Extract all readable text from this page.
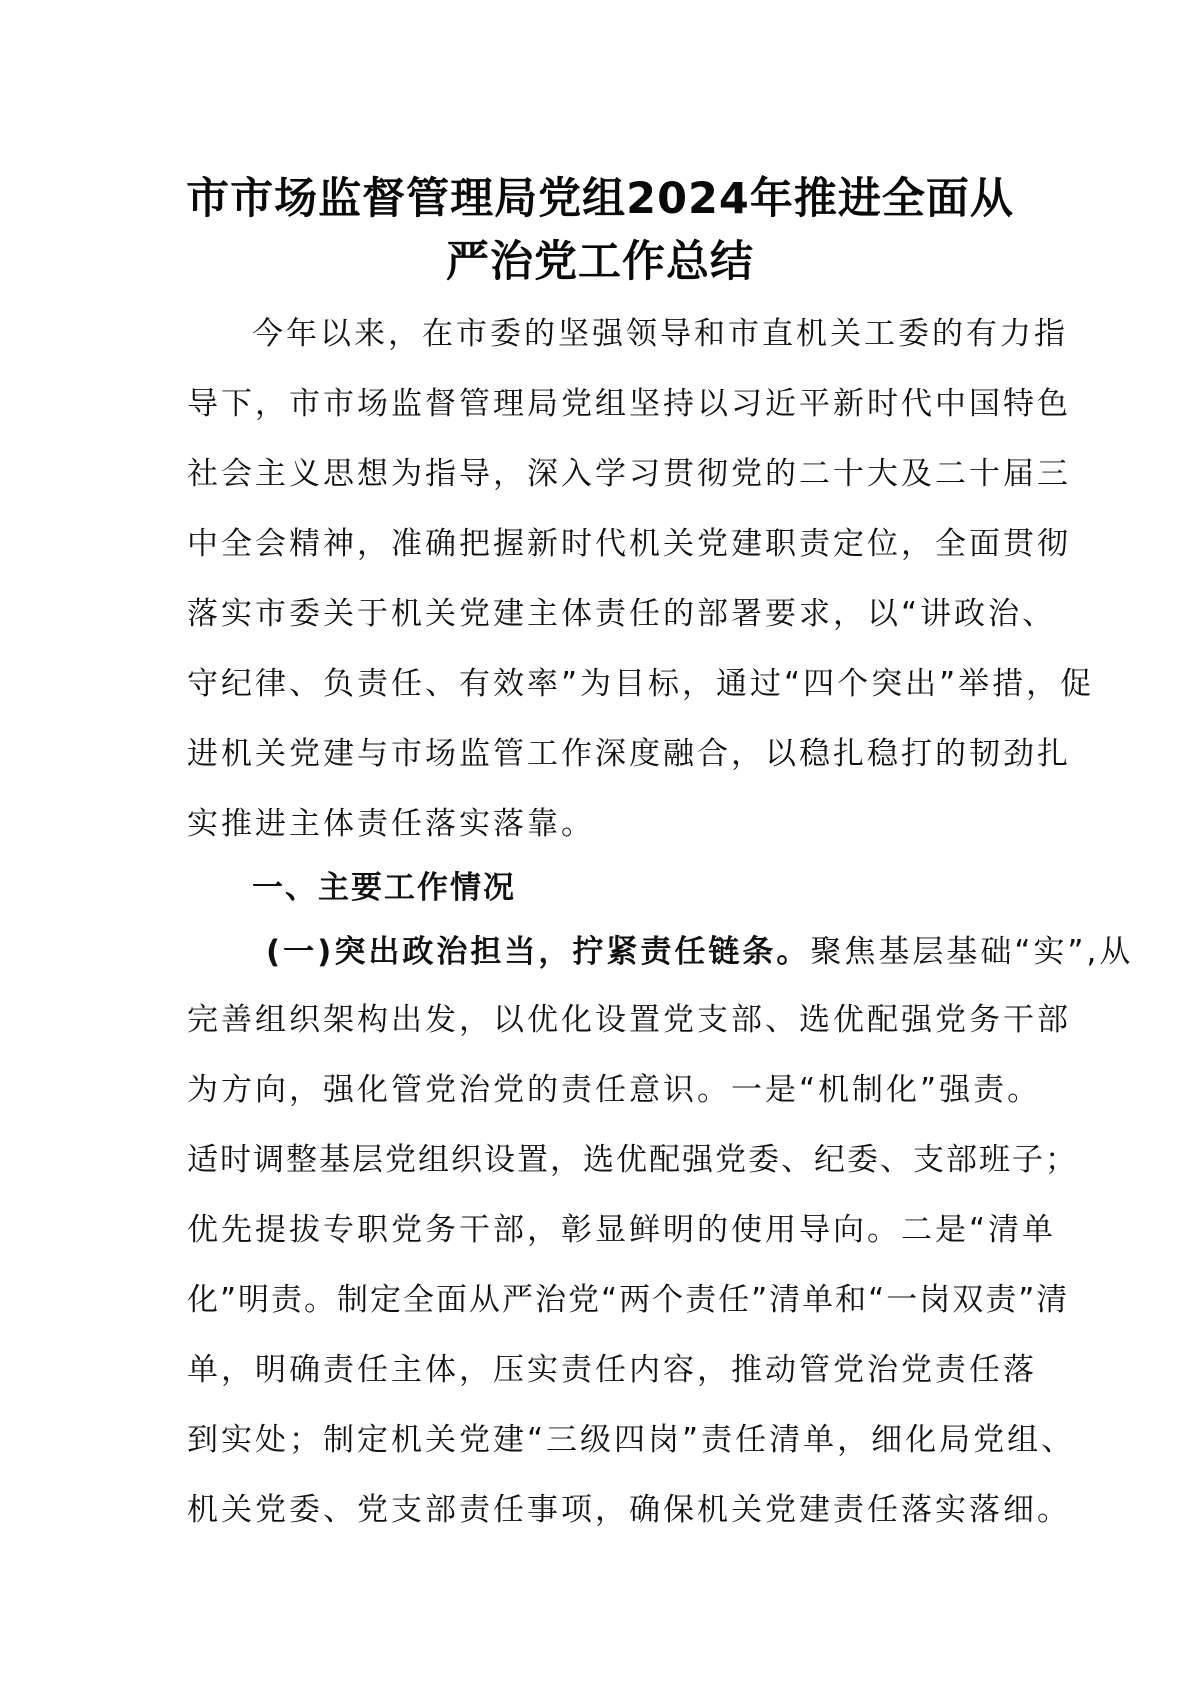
市市场监督管理局党组2024年推进全面从
严治党工作总结
今年以来，在市委的坚强领导和市直机关工委的有力指
导下，市市场监督管理局党组坚持以习近平新时代中国特色
社会主义思想为指导，深入学习贯彻党的二十大及二十届三
中全会精神，准确把握新时代机关党建职责定位，全面贯彻
落实市委关于机关党建主体责任的部署要求，以“讲政治、
守纪律、负责任、有效率”为目标，通过“四个突出”举措，促
进机关党建与市场监管工作深度融合，以稳扎稳打的韧劲扎
实推进主体责任落实落靠。
一、主要工作情况
(一)突出政治担当，拧紧责任链条。聚焦基层基础“实”,从
完善组织架构出发，以优化设置党支部、选优配强党务干部
为方向，强化管党治党的责任意识。一是“机制化”强责。
适时调整基层党组织设置，选优配强党委、纪委、支部班子；
优先提拔专职党务干部，彰显鲜明的使用导向。二是“清单
化”明责。制定全面从严治党“两个责任”清单和“一岗双责”清
单，明确责任主体，压实责任内容，推动管党治党责任落
到实处；制定机关党建“三级四岗”责任清单，细化局党组、
机关党委、党支部责任事项，确保机关党建责任落实落细。
